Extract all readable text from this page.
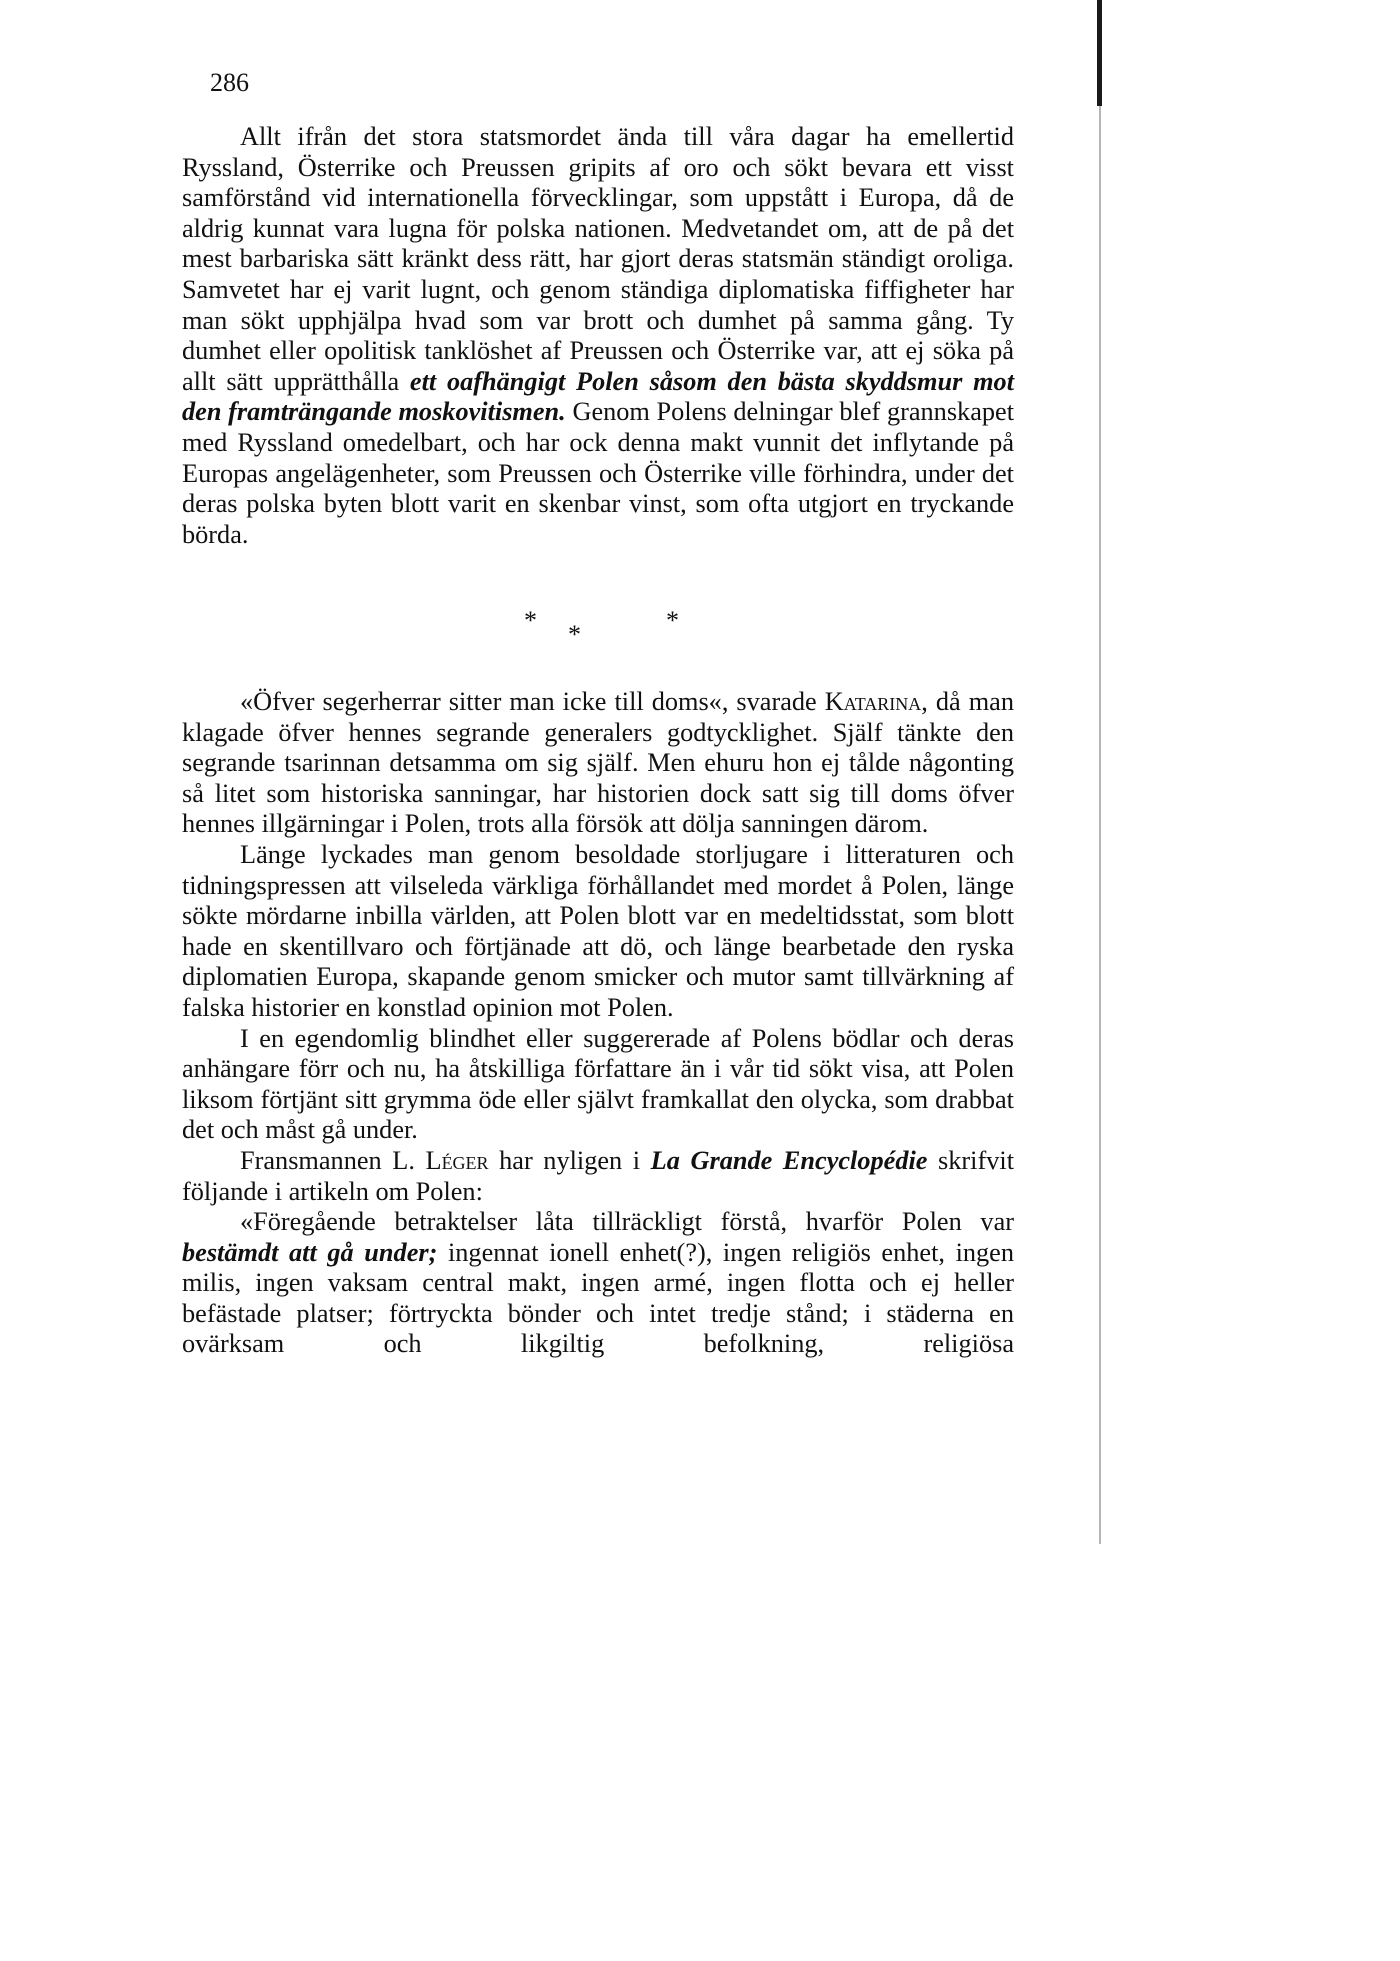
286

Allt ifrån det stora statsmordet ända till våra dagar ha emellertid Ryssland, Österrike och Preussen gripits af oro och sökt bevara ett visst samförstånd vid internationella förvecklingar, som uppstått i Europa, då de aldrig kunnat vara lugna för polska nationen. Medvetandet om, att de på det mest barbariska sätt kränkt dess rätt, har gjort deras statsmän ständigt oroliga. Samvetet har ej varit lugnt, och genom ständiga diplomatiska fiffigheter har man sökt upphjälpa hvad som var brott och dumhet på samma gång. Ty dumhet eller opolitisk tanklöshet af Preussen och Österrike var, att ej söka på allt sätt upprätthålla ett oafhängigt Polen såsom den bästa skyddsmur mot den framträngande moskovitismen. Genom Polens delningar blef grannskapet med Ryssland omedelbart, och har ock denna makt vunnit det inflytande på Europas angelägenheter, som Preussen och Österrike ville förhindra, under det deras polska byten blott varit en skenbar vinst, som ofta utgjort en tryckande börda.

* *	*

«Öfver segerherrar sitter man icke till doms«, svarade Katarina, då man klagade öfver hennes segrande generalers godtycklighet. Själf tänkte den segrande tsarinnan detsamma om sig själf. Men ehuru hon ej tålde någonting så litet som historiska sanningar, har historien dock satt sig till doms öfver hennes illgärningar i Polen, trots alla försök att dölja sanningen därom.

Länge lyckades man genom besoldade storljugare i litteraturen och tidningspressen att vilseleda värkliga förhållandet med mordet å Polen, länge sökte mördarne inbilla världen, att Polen blott var en medeltidsstat, som blott hade en skentillvaro och förtjänade att dö, och länge bearbetade den ryska diplomatien Europa, skapande genom smicker och mutor samt tillvärkning af falska historier en konstlad opinion mot Polen.

I en egendomlig blindhet eller suggererade af Polens bödlar och deras anhängare förr och nu, ha åtskilliga författare än i vår tid sökt visa, att Polen liksom förtjänt sitt grymma öde eller självt framkallat den olycka, som drabbat det och måst gå under.

Fransmannen L. Léger har nyligen i La Grande Encyclopédie skrifvit följande i artikeln om Polen:

«Föregående betraktelser låta tillräckligt förstå, hvarför Polen var bestämdt att gå under; ingennat ionell enhet(?), ingen religiös enhet, ingen milis, ingen vaksam central makt, ingen armé, ingen flotta och ej heller befästade platser; förtryckta bönder och intet tredje stånd; i städerna en ovärksam och likgiltig befolkning, religiösa
